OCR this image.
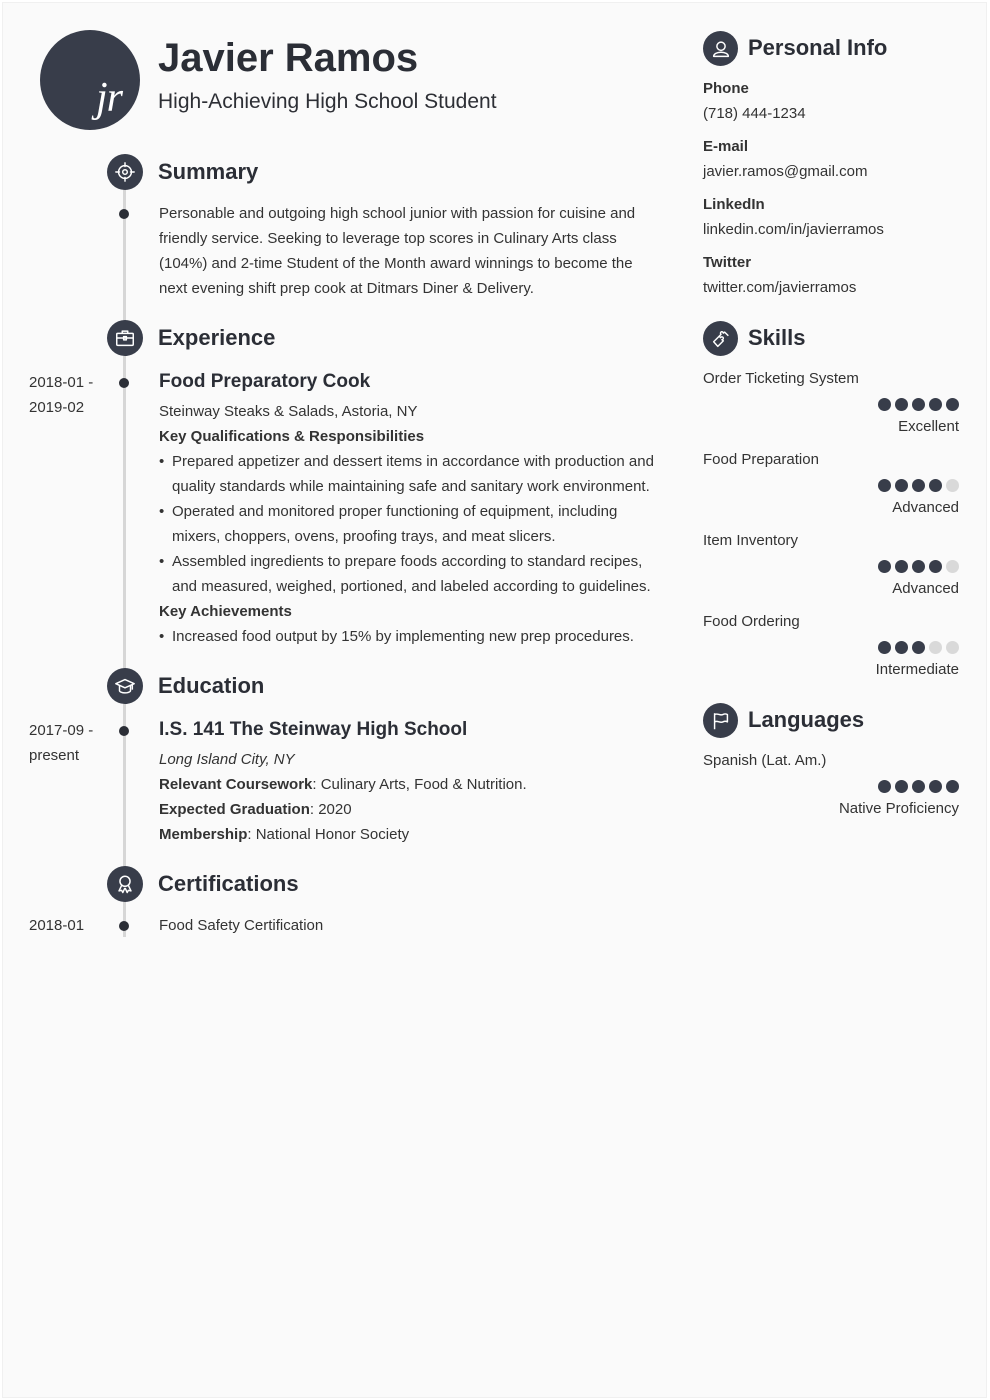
jr
Javier Ramos
High-Achieving High School Student
Summary
Personable and outgoing high school junior with passion for cuisine and
friendly service. Seeking to leverage top scores in Culinary Arts class
(104%) and 2-time Student of the Month award winnings to become the
next evening shift prep cook at Ditmars Diner & Delivery.
Experience
2018-01 -
2019-02
Food Preparatory Cook
Steinway Steaks & Salads, Astoria, NY
Key Qualifications & Responsibilities
• Prepared appetizer and dessert items in accordance with production and quality standards while maintaining safe and sanitary work environment.
• Operated and monitored proper functioning of equipment, including mixers, choppers, ovens, proofing trays, and meat slicers.
• Assembled ingredients to prepare foods according to standard recipes, and measured, weighed, portioned, and labeled according to guidelines.
Key Achievements
• Increased food output by 15% by implementing new prep procedures.
Education
2017-09 -
present
I.S. 141 The Steinway High School
Long Island City, NY
Relevant Coursework: Culinary Arts, Food & Nutrition.
Expected Graduation: 2020
Membership: National Honor Society
Certifications
2018-01	Food Safety Certification
Personal Info
Phone
(718) 444-1234
E-mail
javier.ramos@gmail.com
LinkedIn
linkedin.com/in/javierramos
Twitter
twitter.com/javierramos
Skills
Order Ticketing System
Excellent
Food Preparation
Advanced
Item Inventory
Advanced
Food Ordering
Intermediate
Languages
Spanish (Lat. Am.)
Native Proficiency
